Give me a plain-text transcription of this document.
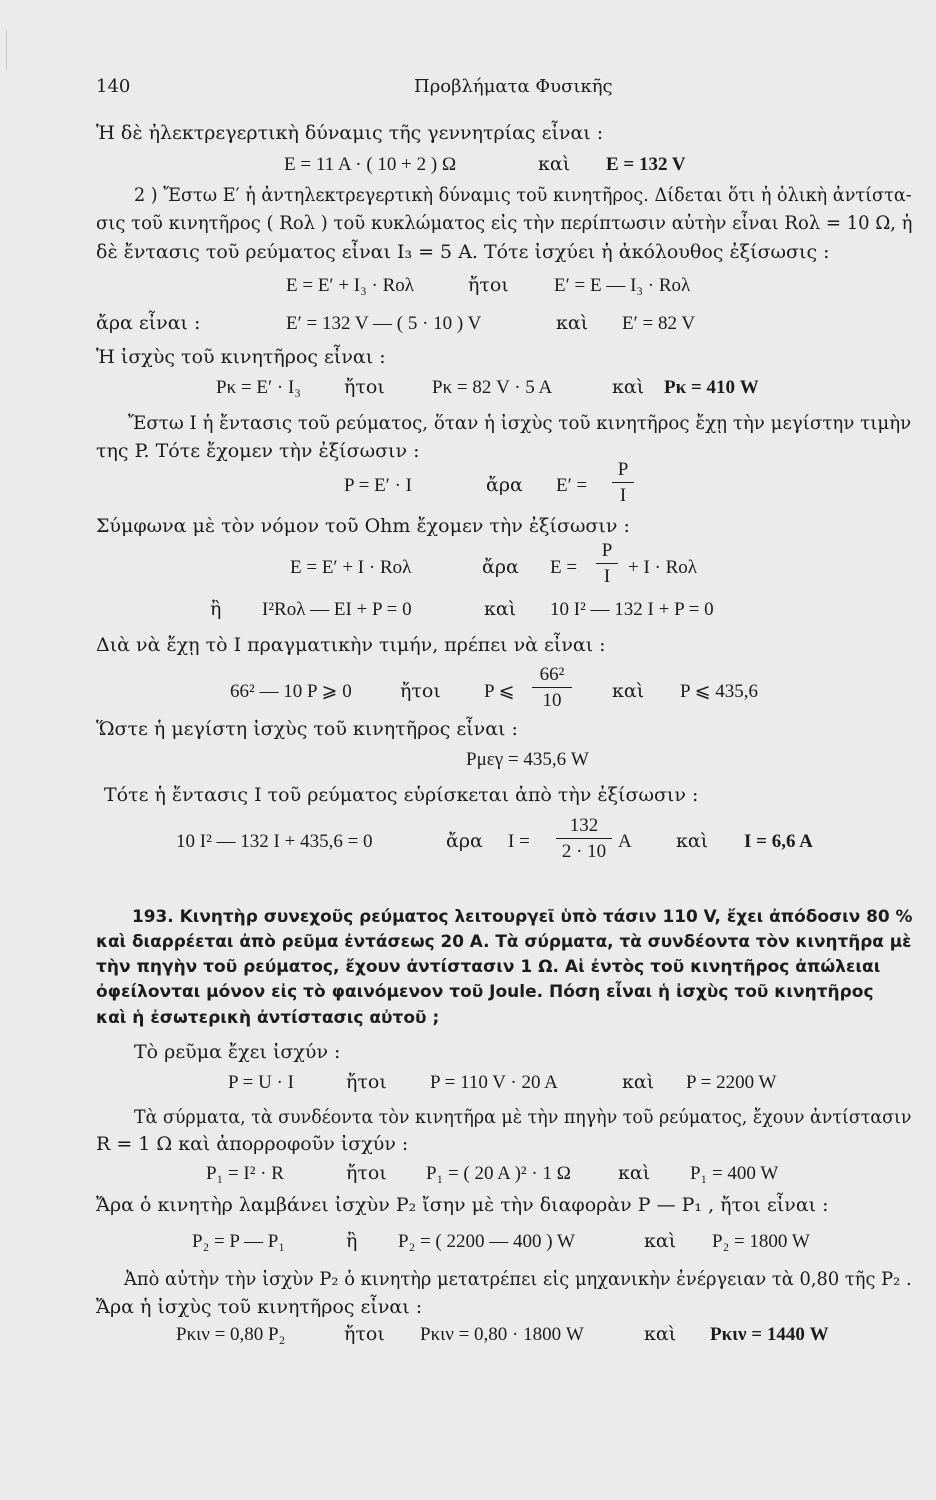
140	Προβλήματα Φυσικῆς
Ἡ δὲ ἠλεκτρεγερτικὴ δύναμις τῆς γεννητρίας εἶναι :
E = 11 A · ( 10 + 2 ) Ω	καὶ E = 132 V
2 ) Ἔστω Ε′ ἡ ἀντηλεκτρεγερτικὴ δύναμις τοῦ κινητῆρος. Δίδεται ὅτι ἡ ὁλικὴ ἀντίστα-
σις τοῦ κινητῆρος ( Rολ ) τοῦ κυκλώματος εἰς τὴν περίπτωσιν αὐτὴν εἶναι Rολ = 10 Ω, ἡ
δὲ ἔντασις τοῦ ρεύματος εἶναι I₃ = 5 A. Τότε ἰσχύει ἡ ἀκόλουθος ἐξίσωσις :
E = E′ + I₃ · Rολ	ἤτοι E′ = E — I₃ · Rολ
ἄρα εἶναι :	E′ = 132 V — ( 5 · 10 ) V	καὶ E′ = 82 V
Ἡ ἰσχὺς τοῦ κινητῆρος εἶναι :
Pκ = E′ · I₃ ἤτοι Pκ = 82 V · 5 A	καὶ Pκ = 410 W
Ἔστω I ἡ ἔντασις τοῦ ρεύματος, ὅταν ἡ ἰσχὺς τοῦ κινητῆρος ἔχῃ τὴν μεγίστην τιμὴν
της P. Τότε ἔχομεν τὴν ἐξίσωσιν :
P = E′ · I	ἄρα E′ =
P
I
Σύμφωνα μὲ τὸν νόμον τοῦ Ohm ἔχομεν τὴν ἐξίσωσιν :
E = E′ + I · Rολ	ἄρα E =
P
I + I · Rολ
ἢ I²Rολ — EI + P = 0	καὶ 10 I² — 132 I + P = 0
Διὰ νὰ ἔχῃ τὸ I πραγματικὴν τιμήν, πρέπει νὰ εἶναι :
66² — 10 P ⩾ 0	ἤτοι P ⩽
66²
10	καὶ P ⩽ 435,6
Ὥστε ἡ μεγίστη ἰσχὺς τοῦ κινητῆρος εἶναι :
Pμεγ = 435,6 W
Τότε ἡ ἔντασις I τοῦ ρεύματος εὑρίσκεται ἀπὸ τὴν ἐξίσωσιν :
10 I² — 132 I + 435,6 = 0	ἄρα I =
132
2 · 10 A καὶ I = 6,6 A
193. Κινητὴρ συνεχοῦς ρεύματος λειτουργεῖ ὑπὸ τάσιν 110 V, ἔχει ἀπόδοσιν 80 %
καὶ διαρρέεται ἀπὸ ρεῦμα ἐντάσεως 20 A. Τὰ σύρματα, τὰ συνδέοντα τὸν κινητῆρα μὲ
τὴν πηγὴν τοῦ ρεύματος, ἔχουν ἀντίστασιν 1 Ω. Αἱ ἐντὸς τοῦ κινητῆρος ἀπώλειαι
ὀφείλονται μόνον εἰς τὸ φαινόμενον τοῦ Joule. Πόση εἶναι ἡ ἰσχὺς τοῦ κινητῆρος
καὶ ἡ ἐσωτερικὴ ἀντίστασις αὐτοῦ ;
Τὸ ρεῦμα ἔχει ἰσχύν :
P = U · I	ἤτοι P = 110 V · 20 A	καὶ P = 2200 W
Τὰ σύρματα, τὰ συνδέοντα τὸν κινητῆρα μὲ τὴν πηγὴν τοῦ ρεύματος, ἔχουν ἀντίστασιν
R = 1 Ω καὶ ἀπορροφοῦν ἰσχύν :
P₁ = I² · R	ἤτοι P₁ = ( 20 A )² · 1 Ω καὶ P₁ = 400 W
Ἄρα ὁ κινητὴρ λαμβάνει ἰσχὺν P₂ ἴσην μὲ τὴν διαφορὰν P — P₁ , ἤτοι εἶναι :
P₂ = P — P₁	ἢ P₂ = ( 2200 — 400 ) W	καὶ P₂ = 1800 W
Ἀπὸ αὐτὴν τὴν ἰσχὺν P₂ ὁ κινητὴρ μετατρέπει εἰς μηχανικὴν ἐνέργειαν τὰ 0,80 τῆς P₂ .
Ἄρα ἡ ἰσχὺς τοῦ κινητῆρος εἶναι :
Pκιν = 0,80 P₂	ἤτοι Pκιν = 0,80 · 1800 W	καὶ Pκιν = 1440 W
